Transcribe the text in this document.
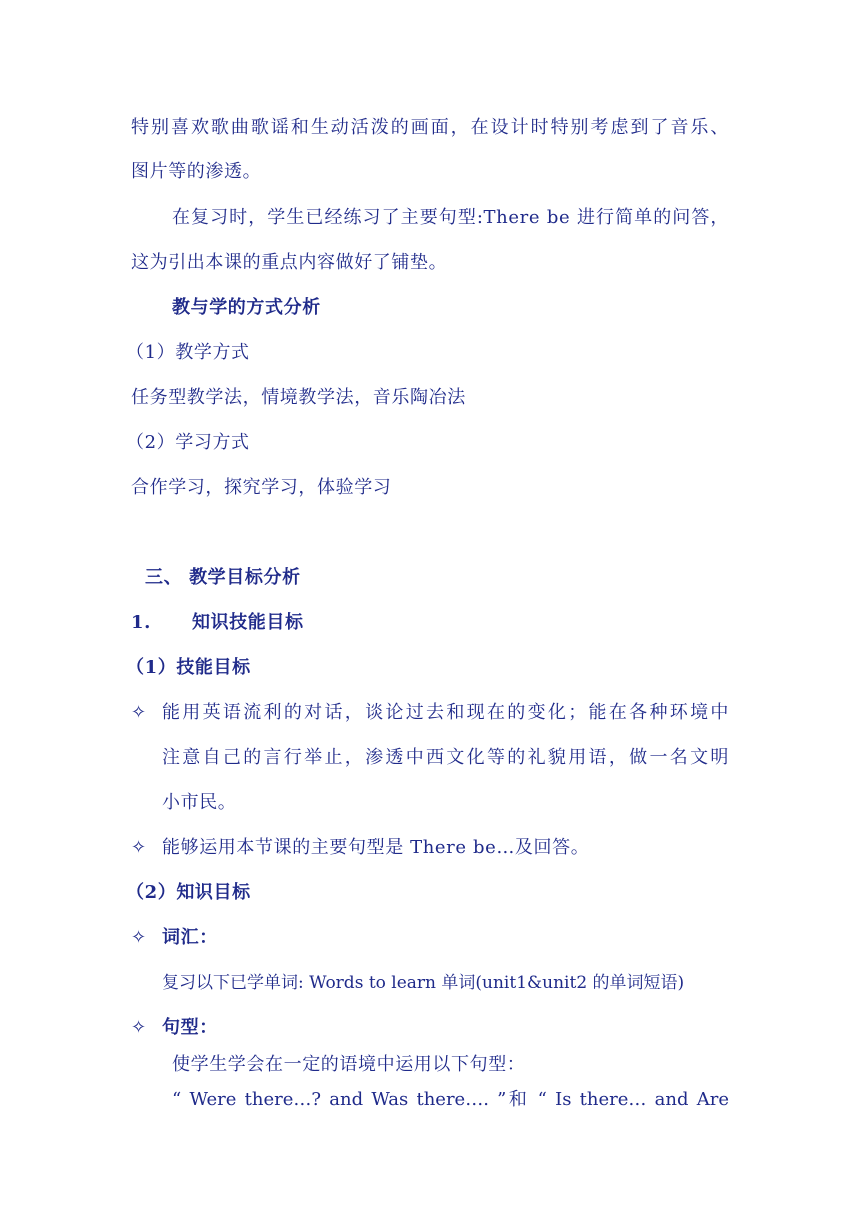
特别喜欢歌曲歌谣和生动活泼的画面，在设计时特别考虑到了音乐、
图片等的渗透。
在复习时，学生已经练习了主要句型:There be 进行简单的问答，
这为引出本课的重点内容做好了铺垫。
教与学的方式分析
（1）教学方式
任务型教学法，情境教学法，音乐陶冶法
（2）学习方式
合作学习，探究学习，体验学习
三、 教学目标分析
1. 知识技能目标
（1）技能目标
✧ 能用英语流利的对话，谈论过去和现在的变化；能在各种环境中
注意自己的言行举止，渗透中西文化等的礼貌用语，做一名文明
小市民。
✧ 能够运用本节课的主要句型是 There be…及回答。
（2）知识目标
✧ 词汇：
复习以下已学单词: Words to learn 单词(unit1&unit2 的单词短语)
✧ 句型：
使学生学会在一定的语境中运用以下句型：
“ Were there…? and Was there…. ”和 “ Is there… and Are
